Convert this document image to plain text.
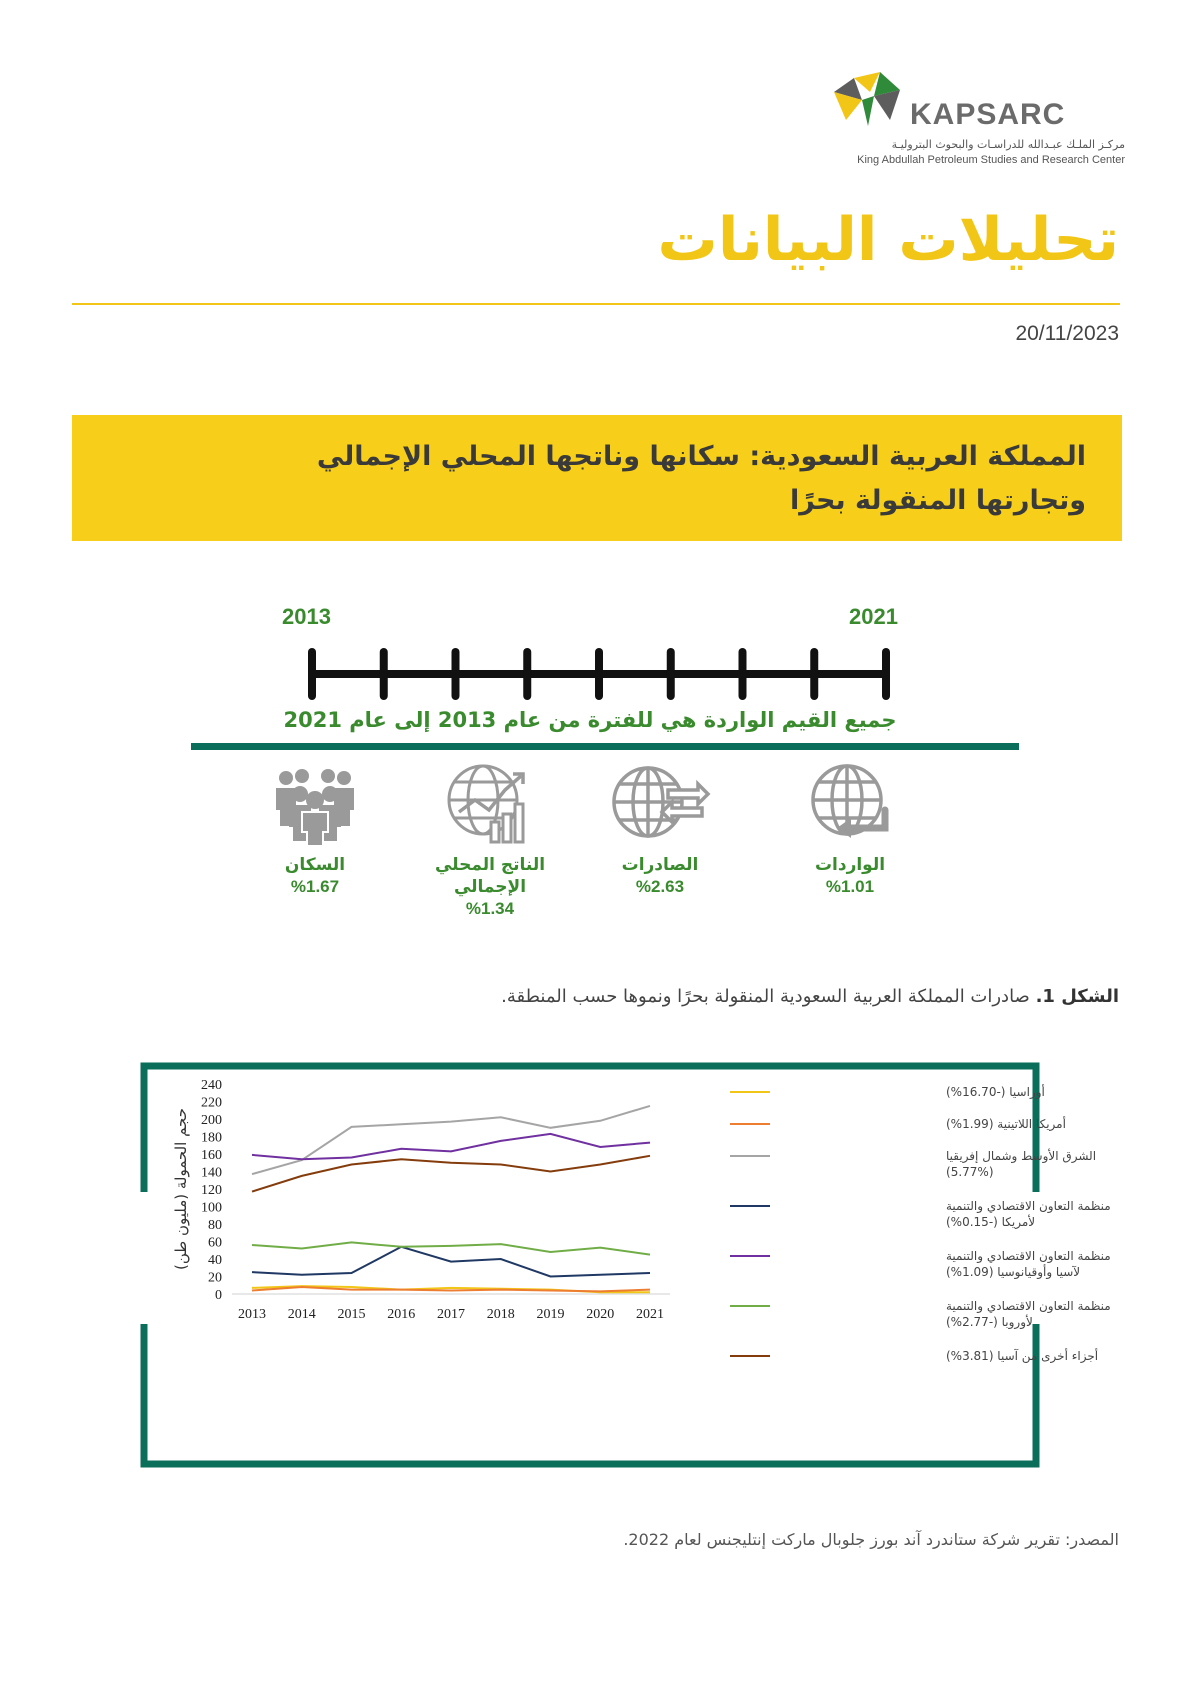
KAPSARC
مركـز الملـك عبـدالله للدراسـات والبحوث البتروليـة
King Abdullah Petroleum Studies and Research Center
تحليلات البيانات
20/11/2023
المملكة العربية السعودية: سكانها وناتجها المحلي الإجمالي
وتجارتها المنقولة بحرًا
2013	2021
جميع القيم الواردة هي للفترة من عام 2013 إلى عام 2021
الواردات
%1.01
الصادرات
%2.63
الناتج المحلي
الإجمالي
%1.34
السكان
%1.67
الشكل 1. صادرات المملكة العربية السعودية المنقولة بحرًا ونموها حسب المنطقة.
0
20
40
60
80
100
120
140
160
180
200
220
240
2013 2014 2015 2016 2017 2018 2019 2020 2021
حجم الحمولة (مليون طن)
أوراسيا (-16.70%)
أمريكا اللاتينية (1.99%)
الشرق الأوسط وشمال إفريقيا
(5.77%)
منظمة التعاون الاقتصادي والتنمية
لأمريكا (-0.15%)
منظمة التعاون الاقتصادي والتنمية
لآسيا وأوقيانوسيا (1.09%)
منظمة التعاون الاقتصادي والتنمية
لأوروبا (-2.77%)
أجزاء أخرى من آسيا (3.81%)
المصدر: تقرير شركة ستاندرد آند بورز جلوبال ماركت إنتليجنس لعام 2022.
